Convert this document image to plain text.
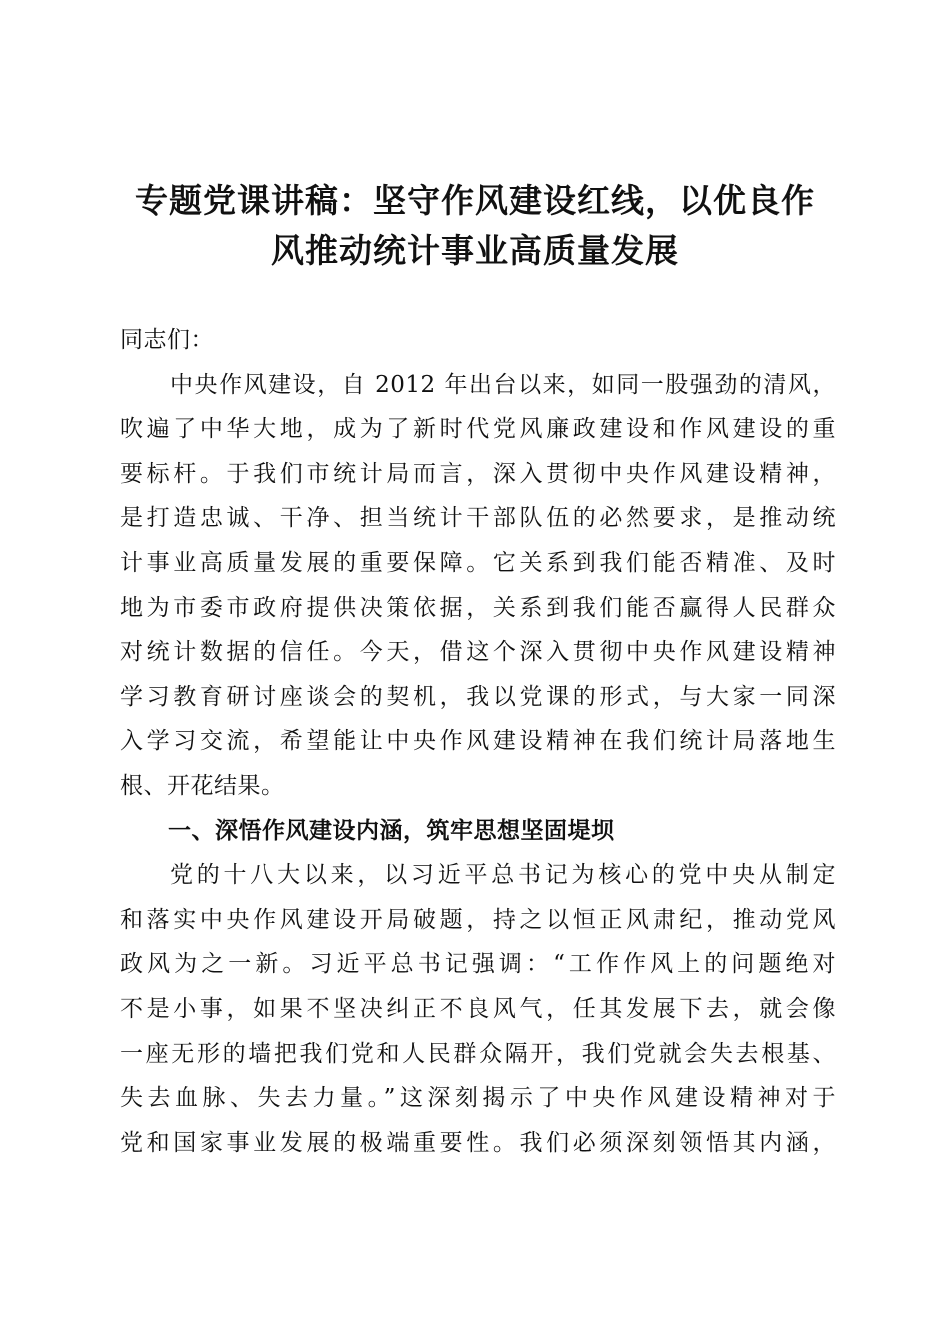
专题党课讲稿：坚守作风建设红线，以优良作
风推动统计事业高质量发展
同志们：
中央作风建设，自 2012 年出台以来，如同一股强劲的清风，
吹遍了中华大地，成为了新时代党风廉政建设和作风建设的重
要标杆。于我们市统计局而言，深入贯彻中央作风建设精神，
是打造忠诚、干净、担当统计干部队伍的必然要求，是推动统
计事业高质量发展的重要保障。它关系到我们能否精准、及时
地为市委市政府提供决策依据，关系到我们能否赢得人民群众
对统计数据的信任。今天，借这个深入贯彻中央作风建设精神
学习教育研讨座谈会的契机，我以党课的形式，与大家一同深
入学习交流，希望能让中央作风建设精神在我们统计局落地生
根、开花结果。
一、深悟作风建设内涵，筑牢思想坚固堤坝
党的十八大以来，以习近平总书记为核心的党中央从制定
和落实中央作风建设开局破题，持之以恒正风肃纪，推动党风
政风为之一新。习近平总书记强调：“工作作风上的问题绝对
不是小事，如果不坚决纠正不良风气，任其发展下去，就会像
一座无形的墙把我们党和人民群众隔开，我们党就会失去根基、
失去血脉、失去力量。”这深刻揭示了中央作风建设精神对于
党和国家事业发展的极端重要性。我们必须深刻领悟其内涵，
